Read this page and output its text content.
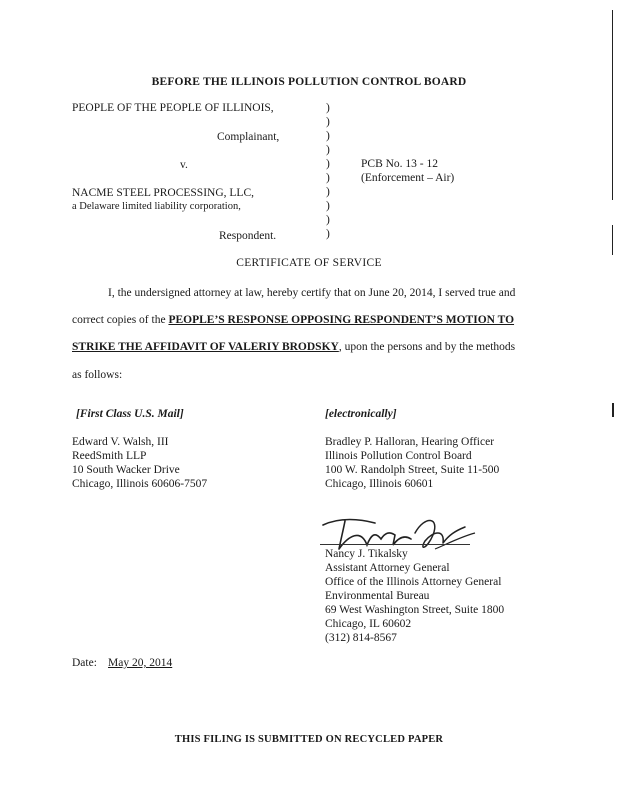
BEFORE THE ILLINOIS POLLUTION CONTROL BOARD
PEOPLE OF THE PEOPLE OF ILLINOIS,
Complainant,
v.
NACME STEEL PROCESSING, LLC,
a Delaware limited liability corporation,
Respondent.
)
)
)
)
)
)
)
)
)
)
PCB No. 13 - 12
(Enforcement – Air)
CERTIFICATE OF SERVICE
I, the undersigned attorney at law, hereby certify that on June 20, 2014, I served true and
correct copies of the PEOPLE’S RESPONSE OPPOSING RESPONDENT’S MOTION TO
STRIKE THE AFFIDAVIT OF VALERIY BRODSKY, upon the persons and by the methods
as follows:
[First Class U.S. Mail]
Edward V. Walsh, III
ReedSmith LLP
10 South Wacker Drive
Chicago, Illinois 60606-7507
[electronically]
Bradley P. Halloran, Hearing Officer
Illinois Pollution Control Board
100 W. Randolph Street, Suite 11-500
Chicago, Illinois 60601
Nancy J. Tikalsky
Assistant Attorney General
Office of the Illinois Attorney General
Environmental Bureau
69 West Washington Street, Suite 1800
Chicago, IL 60602
(312) 814-8567
Date: May 20, 2014
THIS FILING IS SUBMITTED ON RECYCLED PAPER
